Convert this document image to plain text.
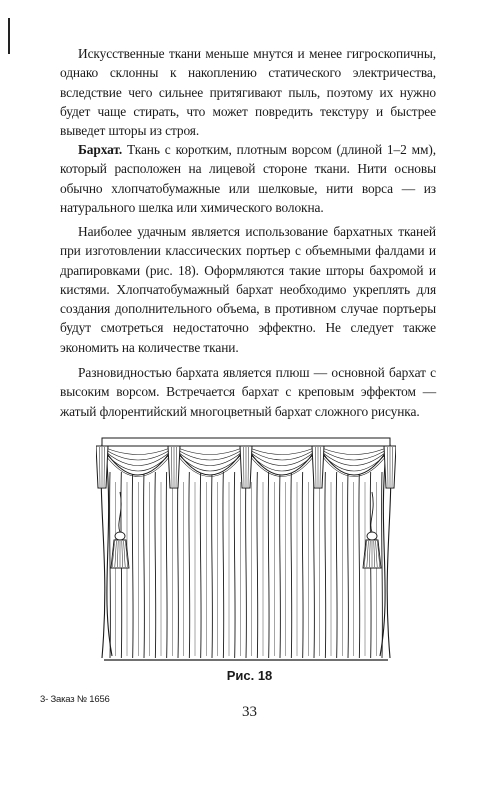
Искусственные ткани меньше мнутся и менее гигроскопичны, однако склонны к накоплению статического электричества, вследствие чего сильнее притягивают пыль, поэтому их нужно будет чаще стирать, что может повредить текстуру и быстрее выведет шторы из строя.

Бархат. Ткань с коротким, плотным ворсом (длиной 1–2 мм), который расположен на лицевой стороне ткани. Нити основы обычно хлопчатобумажные или шелковые, нити ворса — из натурального шелка или химического волокна.

Наиболее удачным является использование бархатных тканей при изготовлении классических портьер с объемными фалдами и драпировками (рис. 18). Оформляются такие шторы бахромой и кистями. Хлопчатобумажный бархат необходимо укреплять для создания дополнительного объема, в противном случае портьеры будут смотреться недостаточно эффектно. Не следует также экономить на количестве ткани.

Разновидностью бархата является плюш — основной бархат с высоким ворсом. Встречается бархат с креповым эффектом — жатый флорентийский многоцветный бархат сложного рисунка.

Рис. 18
3- Заказ № 1656
33
